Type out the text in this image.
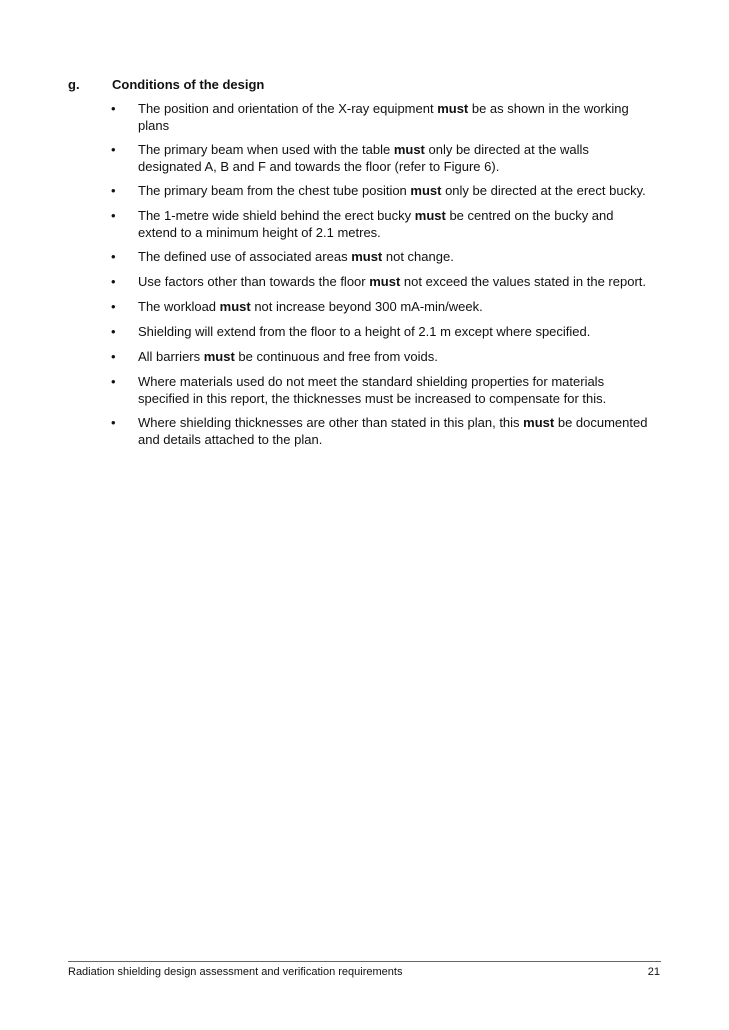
g.	Conditions of the design
•	The position and orientation of the X-ray equipment must be as shown in the working plans
•	The primary beam when used with the table must only be directed at the walls designated A, B and F and towards the floor (refer to Figure 6).
•	The primary beam from the chest tube position must only be directed at the erect bucky.
•	The 1-metre wide shield behind the erect bucky must be centred on the bucky and extend to a minimum height of 2.1 metres.
•	The defined use of associated areas must not change.
•	Use factors other than towards the floor must not exceed the values stated in the report.
•	The workload must not increase beyond 300 mA-min/week.
•	Shielding will extend from the floor to a height of 2.1 m except where specified.
•	All barriers must be continuous and free from voids.
•	Where materials used do not meet the standard shielding properties for materials specified in this report, the thicknesses must be increased to compensate for this.
•	Where shielding thicknesses are other than stated in this plan, this must be documented and details attached to the plan.
Radiation shielding design assessment and verification requirements	21
